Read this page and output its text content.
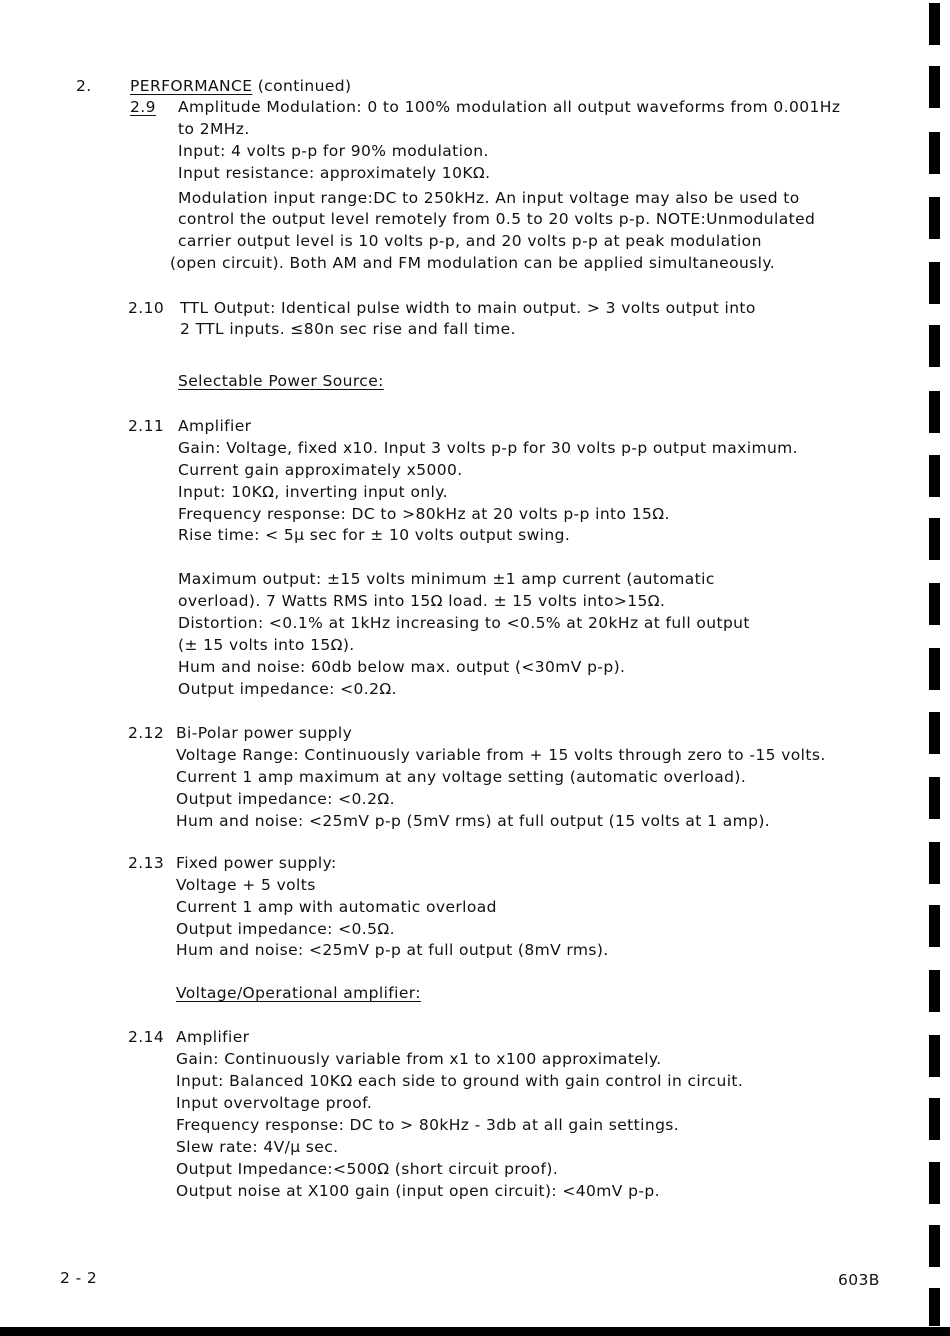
2. PERFORMANCE (continued)
2.9 Amplitude Modulation: 0 to 100% modulation all output waveforms from 0.001Hz
to 2MHz.
Input: 4 volts p-p for 90% modulation.
Input resistance: approximately 10KΩ.
Modulation input range:DC to 250kHz. An input voltage may also be used to
control the output level remotely from 0.5 to 20 volts p-p. NOTE:Unmodulated
carrier output level is 10 volts p-p, and 20 volts p-p at peak modulation
(open circuit). Both AM and FM modulation can be applied simultaneously.
2.10 TTL Output: Identical pulse width to main output. > 3 volts output into
2 TTL inputs. ≤80n sec rise and fall time.
Selectable Power Source:
2.11 Amplifier
Gain: Voltage, fixed x10. Input 3 volts p-p for 30 volts p-p output maximum.
Current gain approximately x5000.
Input: 10KΩ, inverting input only.
Frequency response: DC to >80kHz at 20 volts p-p into 15Ω.
Rise time: < 5μ sec for ± 10 volts output swing.
Maximum output: ±15 volts minimum ±1 amp current (automatic
overload). 7 Watts RMS into 15Ω load. ± 15 volts into>15Ω.
Distortion: <0.1% at 1kHz increasing to <0.5% at 20kHz at full output
(± 15 volts into 15Ω).
Hum and noise: 60db below max. output (<30mV p-p).
Output impedance: <0.2Ω.
2.12 Bi-Polar power supply
Voltage Range: Continuously variable from + 15 volts through zero to -15 volts.
Current 1 amp maximum at any voltage setting (automatic overload).
Output impedance: <0.2Ω.
Hum and noise: <25mV p-p (5mV rms) at full output (15 volts at 1 amp).
2.13 Fixed power supply:
Voltage + 5 volts
Current 1 amp with automatic overload
Output impedance: <0.5Ω.
Hum and noise: <25mV p-p at full output (8mV rms).
Voltage/Operational amplifier:
2.14 Amplifier
Gain: Continuously variable from x1 to x100 approximately.
Input: Balanced 10KΩ each side to ground with gain control in circuit.
Input overvoltage proof.
Frequency response: DC to > 80kHz - 3db at all gain settings.
Slew rate: 4V/μ sec.
Output Impedance:<500Ω (short circuit proof).
Output noise at X100 gain (input open circuit): <40mV p-p.
2 - 2	603B
